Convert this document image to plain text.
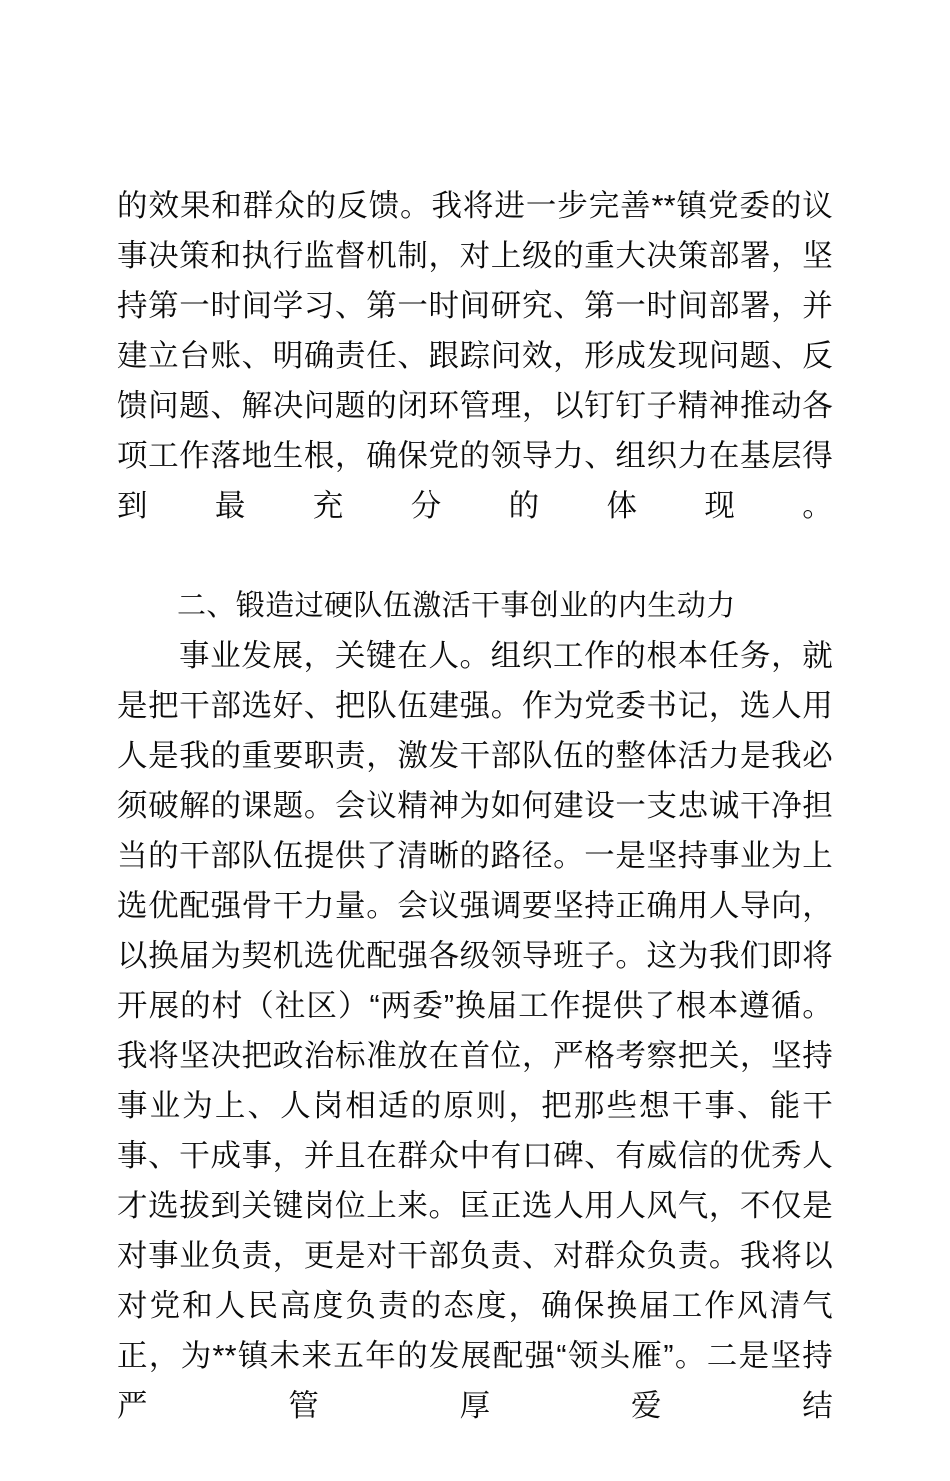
的效果和群众的反馈。我将进一步完善**镇党委的议事决策和执行监督机制，对上级的重大决策部署，坚持第一时间学习、第一时间研究、第一时间部署，并建立台账、明确责任、跟踪问效，形成发现问题、反馈问题、解决问题的闭环管理，以钉钉子精神推动各项工作落地生根，确保党的领导力、组织力在基层得到最充分的体现。

二、锻造过硬队伍激活干事创业的内生动力

事业发展，关键在人。组织工作的根本任务，就是把干部选好、把队伍建强。作为党委书记，选人用人是我的重要职责，激发干部队伍的整体活力是我必须破解的课题。会议精神为如何建设一支忠诚干净担当的干部队伍提供了清晰的路径。一是坚持事业为上选优配强骨干力量。会议强调要坚持正确用人导向，以换届为契机选优配强各级领导班子。这为我们即将开展的村（社区）“两委”换届工作提供了根本遵循。我将坚决把政治标准放在首位，严格考察把关，坚持事业为上、人岗相适的原则，把那些想干事、能干事、干成事，并且在群众中有口碑、有威信的优秀人才选拔到关键岗位上来。匡正选人用人风气，不仅是对事业负责，更是对干部负责、对群众负责。我将以对党和人民高度负责的态度，确保换届工作风清气正，为**镇未来五年的发展配强“领头雁”。二是坚持严管厚爱结
